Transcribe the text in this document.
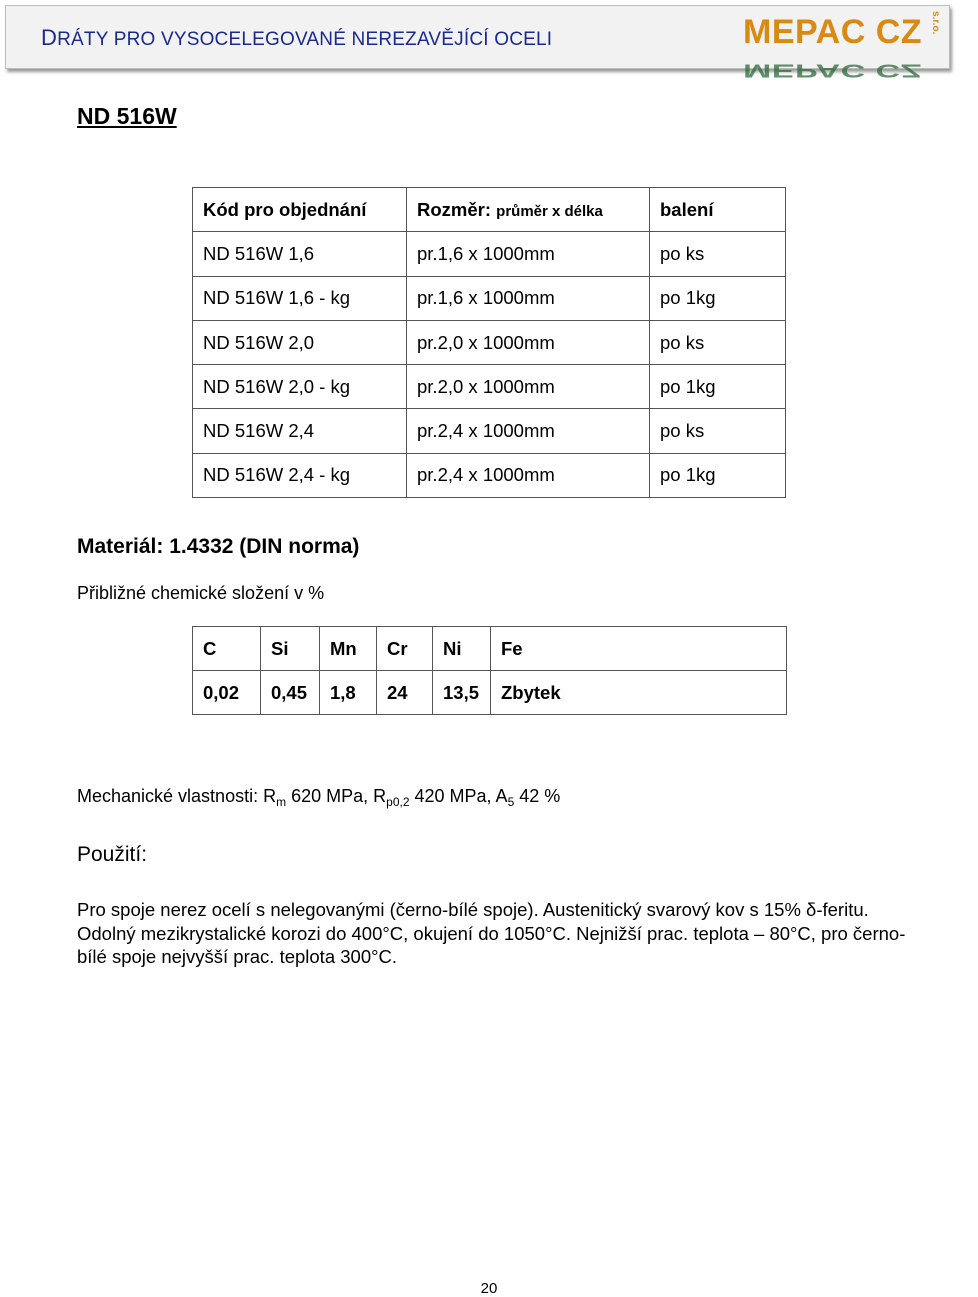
DRÁTY PRO VYSOCELEGOVANÉ NEREZAVĚJÍCÍ OCELI	MEPAC CZ
MEPAC CZ
s.r.o.
ND 516W
Kód pro objednání	Rozměr: průměr x délka	balení
ND 516W 1,6	pr.1,6 x 1000mm	po ks
ND 516W 1,6 - kg	pr.1,6 x 1000mm	po 1kg
ND 516W 2,0	pr.2,0 x 1000mm	po ks
ND 516W 2,0 - kg	pr.2,0 x 1000mm	po 1kg
ND 516W 2,4	pr.2,4 x 1000mm	po ks
ND 516W 2,4 - kg	pr.2,4 x 1000mm	po 1kg
Materiál: 1.4332 (DIN norma)
Přibližné chemické složení v %
C	Si	Mn	Cr	Ni	Fe
0,02	0,45	1,8	24	13,5	Zbytek
Mechanické vlastnosti: $R_m$ 620 MPa, $R_{p0,2}$ 420 MPa, $A_5$ 42 %
Použití:
Pro spoje nerez ocelí s nelegovanými (černo-bílé spoje). Austenitický svarový kov s 15% δ-feritu. Odolný mezikrystalické korozi do 400°C, okujení do 1050°C. Nejnižší prac. teplota – 80°C, pro černo-bílé spoje nejvyšší prac. teplota 300°C.
20
